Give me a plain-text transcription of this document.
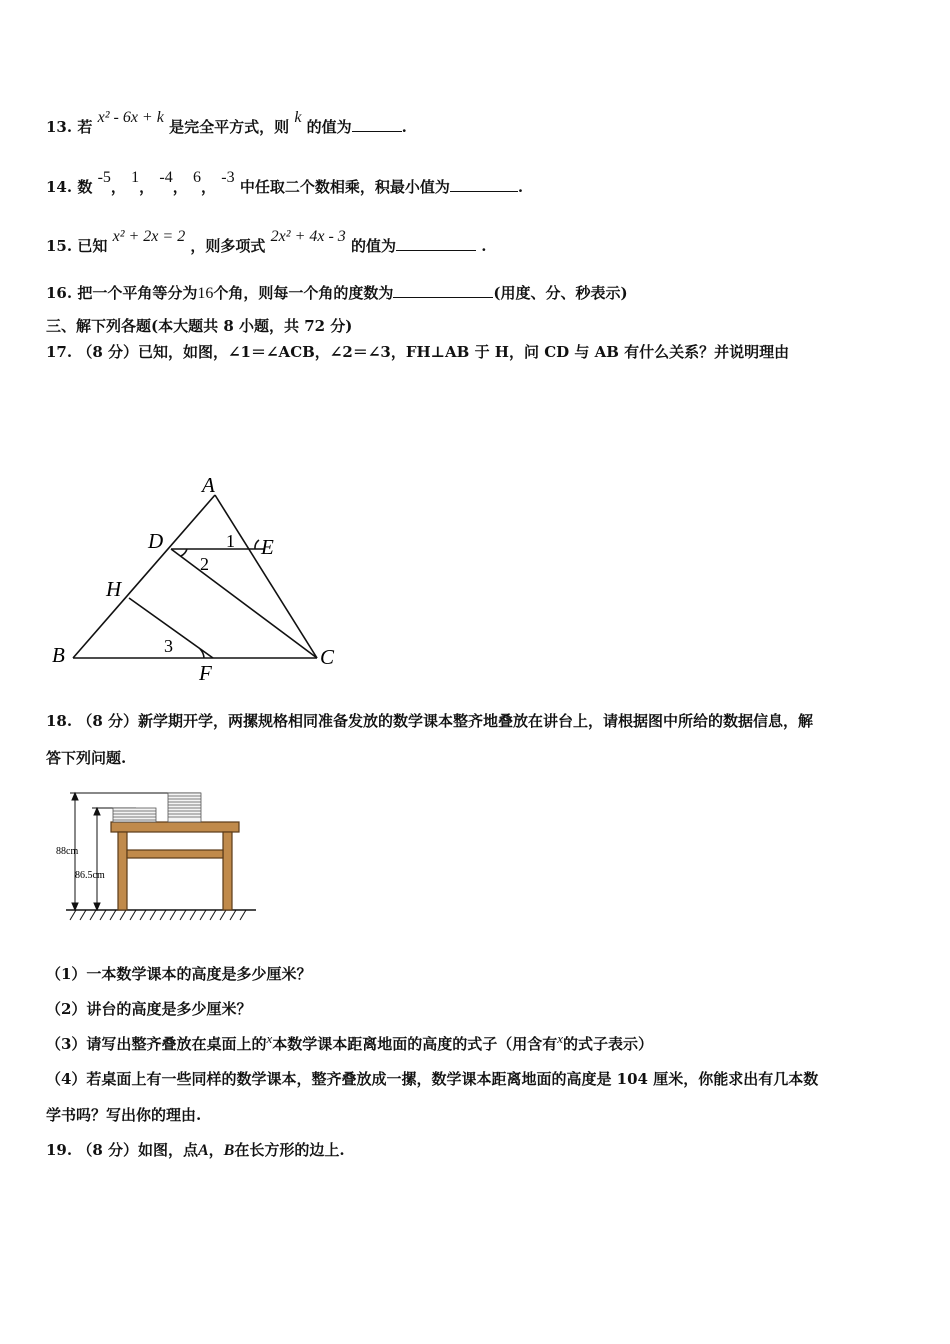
13. 若 x² - 6x + k 是完全平方式，则 k 的值为	.
14. 数 -5， 1， -4， 6， -3 中任取二个数相乘，积最小值为	.
15. 已知 x² + 2x = 2 ，则多项式 2x² + 4x - 3 的值为	.
16. 把一个平角等分为16个角，则每一个角的度数为	(用度、分、秒表示)
三、解下列各题(本大题共 8 小题，共 72 分)
17. （8 分）已知，如图，∠1＝∠ACB，∠2＝∠3，FH⊥AB 于 H，问 CD 与 AB 有什么关系？并说明理由
A
B	C
D	E
F
H
1
2
3
18. （8 分）新学期开学，两摞规格相同准备发放的数学课本整齐地叠放在讲台上，请根据图中所给的数据信息，解
答下列问题.
88cm
86.5cm
（1）一本数学课本的高度是多少厘米？
（2）讲台的高度是多少厘米？
（3）请写出整齐叠放在桌面上的x本数学课本距离地面的高度的式子（用含有x的式子表示）
（4）若桌面上有一些同样的数学课本，整齐叠放成一摞，数学课本距离地面的高度是 104 厘米，你能求出有几本数
学书吗？写出你的理由.
19. （8 分）如图，点A，B在长方形的边上.
